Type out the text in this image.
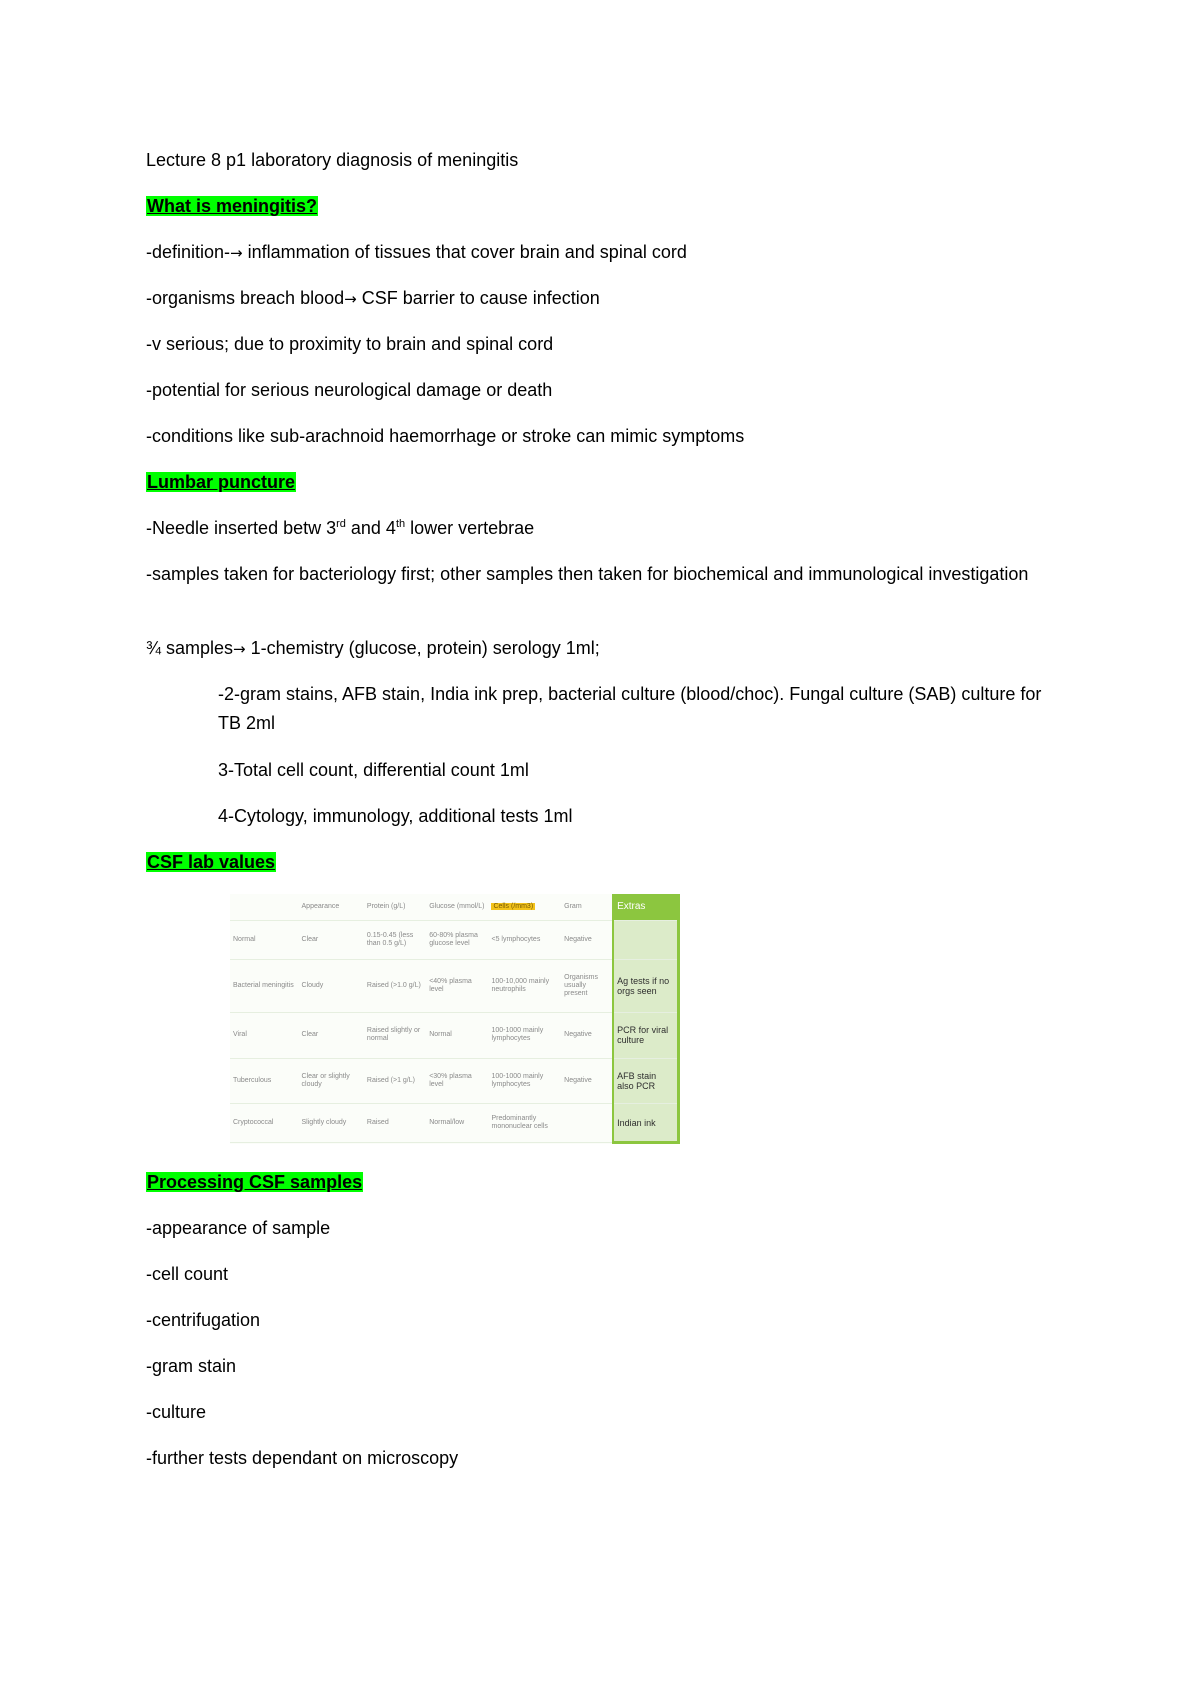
Lecture 8 p1 laboratory diagnosis of meningitis
What is meningitis?
-definition-→ inflammation of tissues that cover brain and spinal cord
-organisms breach blood→ CSF barrier to cause infection
-v serious; due to proximity to brain and spinal cord
-potential for serious neurological damage or death
-conditions like sub-arachnoid haemorrhage or stroke can mimic symptoms
Lumbar puncture
-Needle inserted betw 3rd and 4th lower vertebrae
-samples taken for bacteriology first; other samples then taken for biochemical and immunological investigation
¾ samples→ 1-chemistry (glucose, protein) serology 1ml;
-2-gram stains, AFB stain, India ink prep, bacterial culture (blood/choc). Fungal culture (SAB) culture for TB 2ml
3-Total cell count, differential count 1ml
4-Cytology, immunology, additional tests 1ml
CSF lab values
	Appearance	Protein (g/L)	Glucose (mmol/L)	Cells (/mm3)	Gram	Extras
Normal	Clear	0.15-0.45 (less than 0.5 g/L)	60-80% plasma glucose level	<5 lymphocytes	Negative	
Bacterial meningitis	Cloudy	Raised (>1.0 g/L)	<40% plasma level	100-10,000 mainly neutrophils	Organisms usually present	Ag tests if no orgs seen
Viral	Clear	Raised slightly or normal	Normal	100-1000 mainly lymphocytes	Negative	PCR for viral culture
Tuberculous	Clear or slightly cloudy	Raised (>1 g/L)	<30% plasma level	100-1000 mainly lymphocytes	Negative	AFB stain also PCR
Cryptococcal	Slightly cloudy	Raised	Normal/low	Predominantly mononuclear cells		Indian ink
Processing CSF samples
-appearance of sample
-cell count
-centrifugation
-gram stain
-culture
-further tests dependant on microscopy
